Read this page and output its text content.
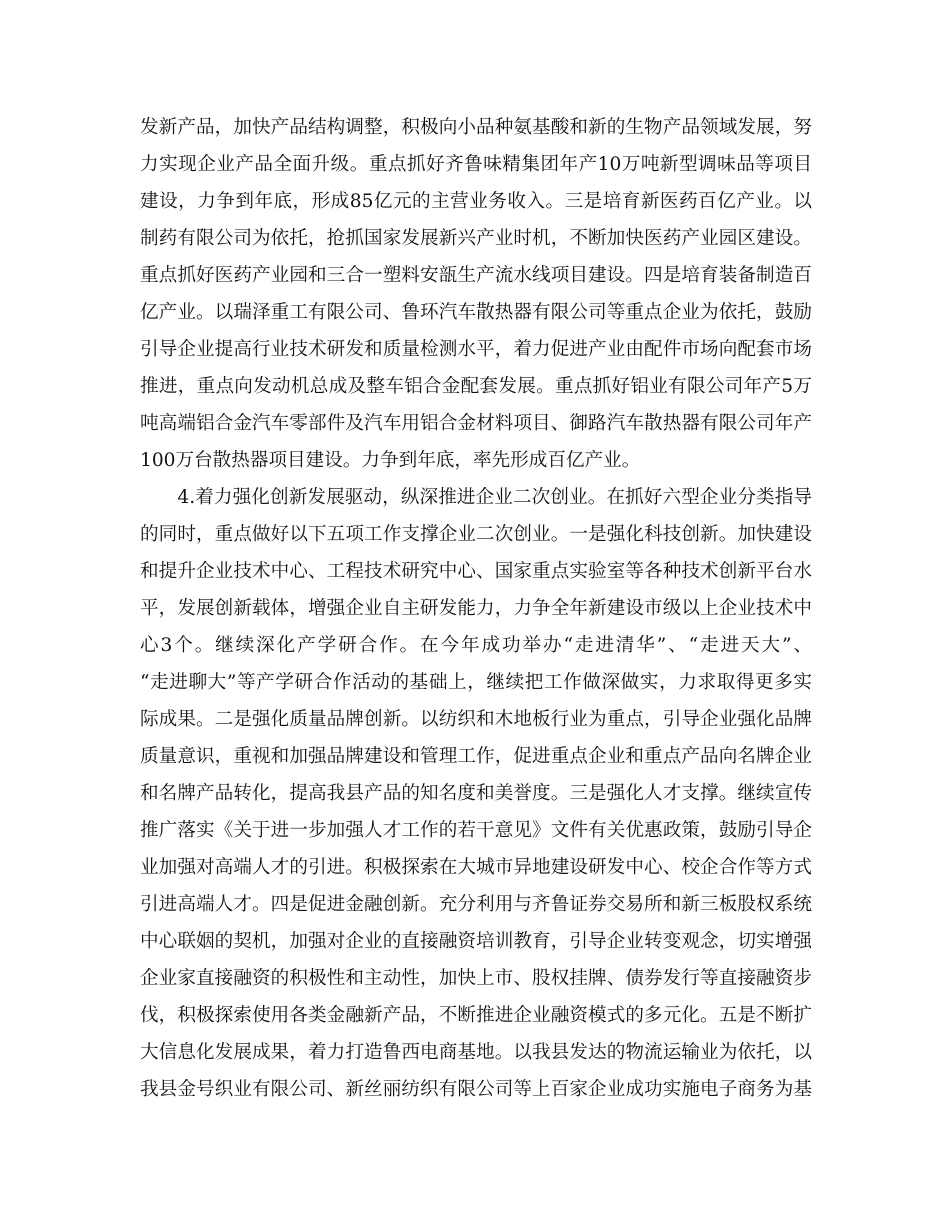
发新产品，加快产品结构调整，积极向小品种氨基酸和新的生物产品领域发展，努
力实现企业产品全面升级。重点抓好齐鲁味精集团年产10万吨新型调味品等项目
建设，力争到年底，形成85亿元的主营业务收入。三是培育新医药百亿产业。以
制药有限公司为依托，抢抓国家发展新兴产业时机，不断加快医药产业园区建设。
重点抓好医药产业园和三合一塑料安瓿生产流水线项目建设。四是培育装备制造百
亿产业。以瑞泽重工有限公司、鲁环汽车散热器有限公司等重点企业为依托，鼓励
引导企业提高行业技术研发和质量检测水平，着力促进产业由配件市场向配套市场
推进，重点向发动机总成及整车铝合金配套发展。重点抓好铝业有限公司年产5万
吨高端铝合金汽车零部件及汽车用铝合金材料项目、御路汽车散热器有限公司年产
100万台散热器项目建设。力争到年底，率先形成百亿产业。
　　4.着力强化创新发展驱动，纵深推进企业二次创业。在抓好六型企业分类指导
的同时，重点做好以下五项工作支撑企业二次创业。一是强化科技创新。加快建设
和提升企业技术中心、工程技术研究中心、国家重点实验室等各种技术创新平台水
平，发展创新载体，增强企业自主研发能力，力争全年新建设市级以上企业技术中
心3个。继续深化产学研合作。在今年成功举办“走进清华”、“走进天大”、
“走进聊大”等产学研合作活动的基础上，继续把工作做深做实，力求取得更多实
际成果。二是强化质量品牌创新。以纺织和木地板行业为重点，引导企业强化品牌
质量意识，重视和加强品牌建设和管理工作，促进重点企业和重点产品向名牌企业
和名牌产品转化，提高我县产品的知名度和美誉度。三是强化人才支撑。继续宣传
推广落实《关于进一步加强人才工作的若干意见》文件有关优惠政策，鼓励引导企
业加强对高端人才的引进。积极探索在大城市异地建设研发中心、校企合作等方式
引进高端人才。四是促进金融创新。充分利用与齐鲁证券交易所和新三板股权系统
中心联姻的契机，加强对企业的直接融资培训教育，引导企业转变观念，切实增强
企业家直接融资的积极性和主动性，加快上市、股权挂牌、债券发行等直接融资步
伐，积极探索使用各类金融新产品，不断推进企业融资模式的多元化。五是不断扩
大信息化发展成果，着力打造鲁西电商基地。以我县发达的物流运输业为依托，以
我县金号织业有限公司、新丝丽纺织有限公司等上百家企业成功实施电子商务为基
